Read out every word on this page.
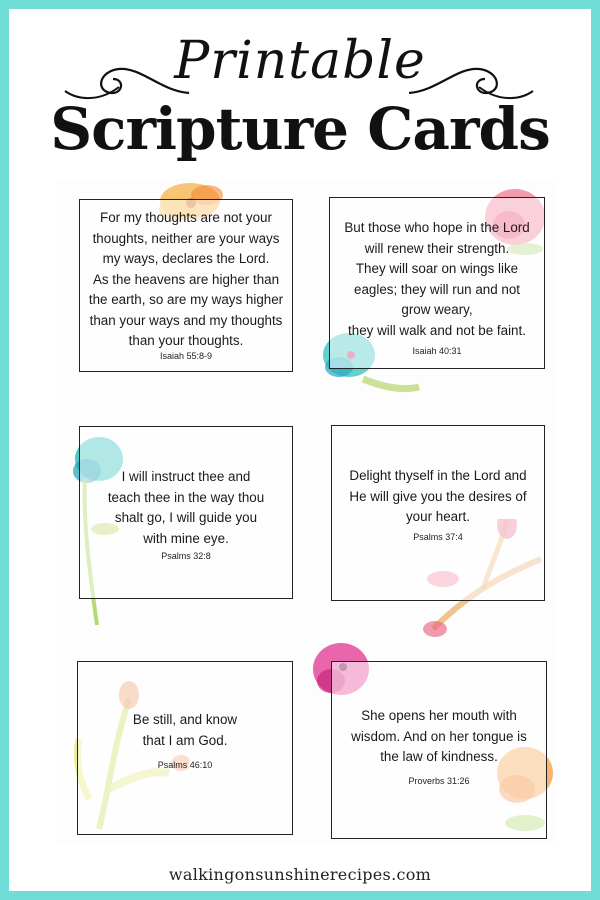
Printable
Scripture Cards
For my thoughts are not your
thoughts, neither are your ways
my ways, declares the Lord.
As the heavens are higher than
the earth, so are my ways higher
than your ways and my thoughts
than your thoughts.
Isaiah 55:8-9
But those who hope in the Lord
will renew their strength.
They will soar on wings like
eagles; they will run and not
grow weary,
they will walk and not be faint.
Isaiah 40:31
I will instruct thee and
teach thee in the way thou
shalt go, I will guide you
with mine eye.
Psalms 32:8
Delight thyself in the Lord and
He will give you the desires of
your heart.
Psalms 37:4
Be still, and know
that I am God.
Psalms 46:10
She opens her mouth with
wisdom. And on her tongue is
the law of kindness.
Proverbs 31:26
walkingonsunshinerecipes.com
